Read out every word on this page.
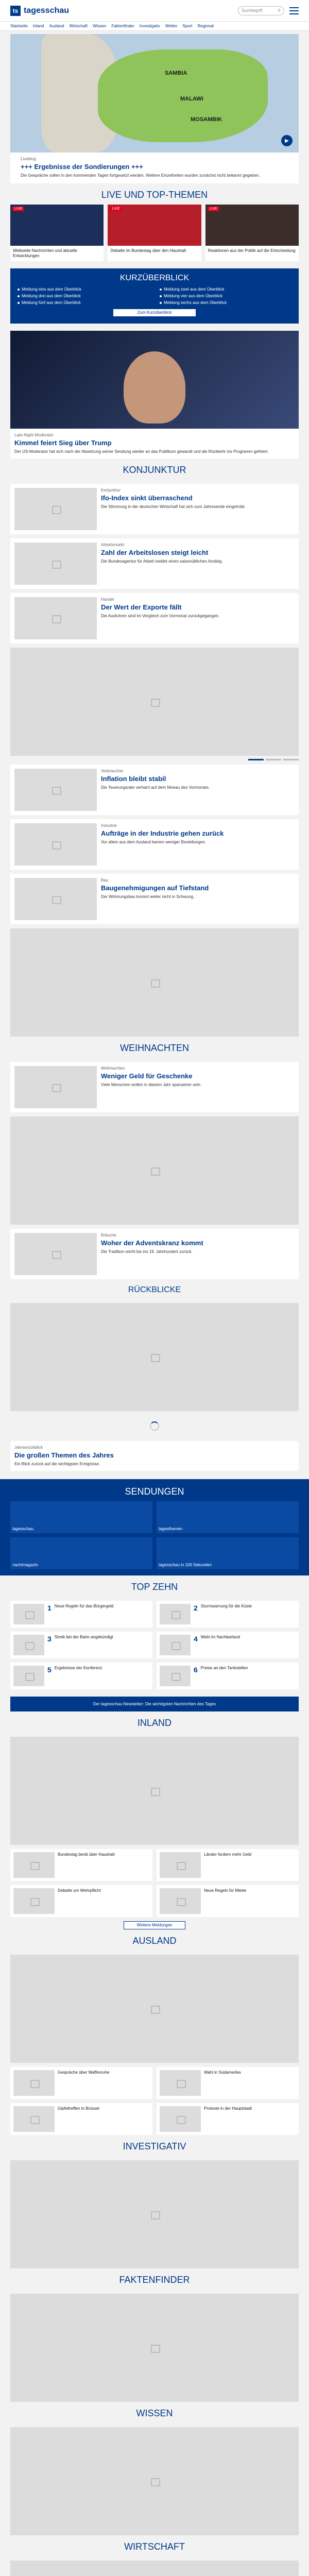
ts tagesschau	Suchbegriff	⚲
Startseite Inland Ausland Wirtschaft Wissen Faktenfinder Investigativ Wetter Sport Regional
SAMBIA
MALAWI
MOSAMBIK
▶
Liveblog
+++ Ergebnisse der Sondierungen +++
Die Gespräche sollen in den kommenden Tagen fortgesetzt werden. Weitere Einzelheiten wurden zunächst nicht bekannt gegeben.
LIVE UND TOP-THEMEN
LIVE
Weltweite Nachrichten und aktuelle Entwicklungen
LIVE
Debatte im Bundestag über den Haushalt
LIVE
Reaktionen aus der Politik auf die Entscheidung
KURZÜBERBLICK
Meldung eins aus dem Überblick	Meldung zwei aus dem Überblick
Meldung drei aus dem Überblick	Meldung vier aus dem Überblick
Meldung fünf aus dem Überblick	Meldung sechs aus dem Überblick
Zum Kurzüberblick
Late-Night-Moderator
Kimmel feiert Sieg über Trump
Der US-Moderator hat sich nach der Absetzung seiner Sendung wieder an das Publikum gewandt und die Rückkehr ins Programm gefeiert.
KONJUNKTUR
Konjunktur
Ifo-Index sinkt überraschend
Die Stimmung in der deutschen Wirtschaft hat sich zum Jahresende eingetrübt.
Arbeitsmarkt
Zahl der Arbeitslosen steigt leicht
Die Bundesagentur für Arbeit meldet einen saisonüblichen Anstieg.
Handel
Der Wert der Exporte fällt
Die Ausfuhren sind im Vergleich zum Vormonat zurückgegangen.
Verbraucher
Inflation bleibt stabil
Die Teuerungsrate verharrt auf dem Niveau des Vormonats.
Industrie
Aufträge in der Industrie gehen zurück
Vor allem aus dem Ausland kamen weniger Bestellungen.
Bau
Baugenehmigungen auf Tiefstand
Der Wohnungsbau kommt weiter nicht in Schwung.
WEIHNACHTEN
Weihnachten
Weniger Geld für Geschenke
Viele Menschen wollen in diesem Jahr sparsamer sein.
Bräuche
Woher der Adventskranz kommt
Die Tradition reicht bis ins 19. Jahrhundert zurück.
RÜCKBLICKE
Jahresrückblick
Die großen Themen des Jahres
Ein Blick zurück auf die wichtigsten Ereignisse.
SENDUNGEN
tagesschau	tagesthemen
nachtmagazin	tagesschau in 100 Sekunden
TOP ZEHN
1 Neue Regeln für das Bürgergeld	2 Sturmwarnung für die Küste
3 Streik bei der Bahn angekündigt	4 Wahl im Nachbarland
5 Ergebnisse der Konferenz	6 Preise an den Tankstellen
Der tagesschau-Newsletter: Die wichtigsten Nachrichten des Tages
INLAND
Bundestag berät über Haushalt	Länder fordern mehr Geld
Debatte um Wehrpflicht	Neue Regeln für Mieter
Weitere Meldungen
AUSLAND
Gespräche über Waffenruhe	Wahl in Südamerika
Gipfeltreffen in Brüssel	Proteste in der Hauptstadt
INVESTIGATIV
FAKTENFINDER
WISSEN
WIRTSCHAFT
